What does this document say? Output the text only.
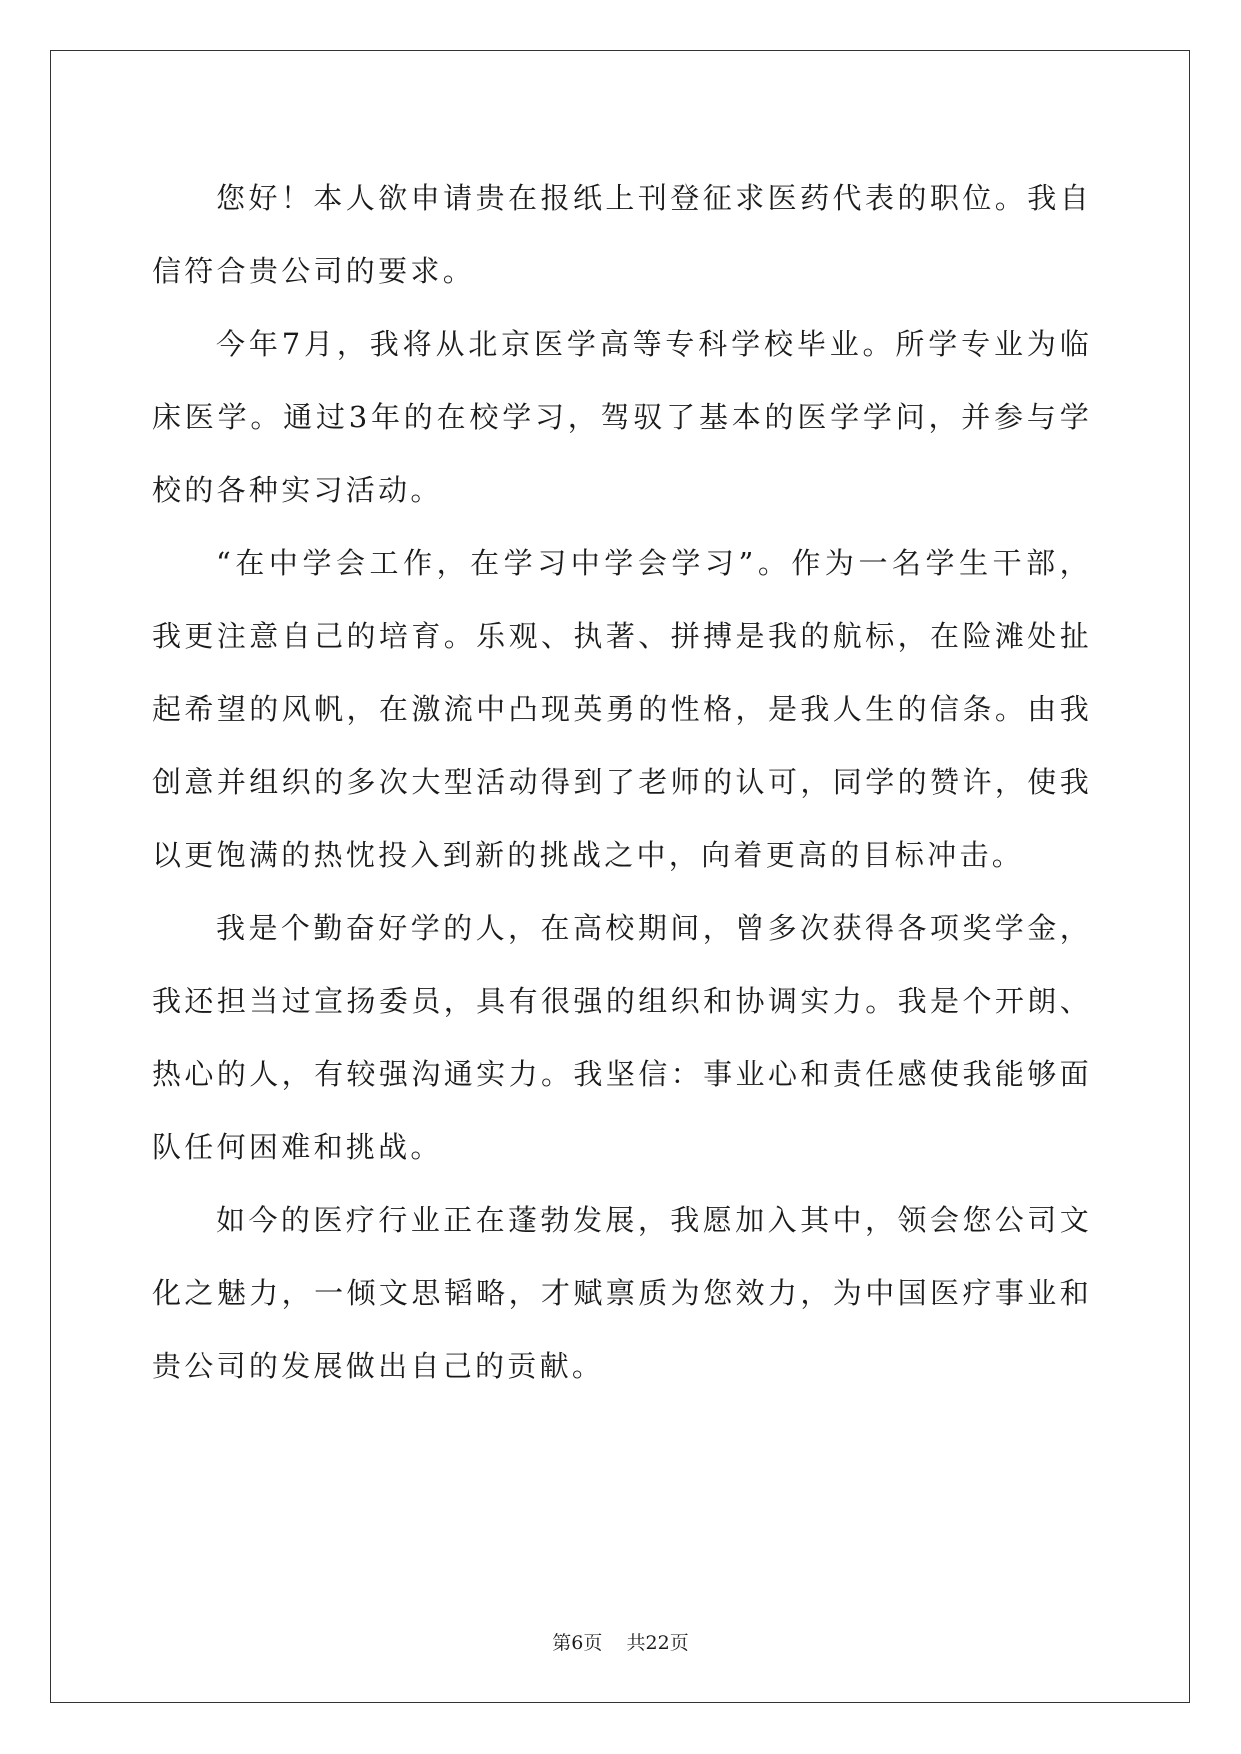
您好！本人欲申请贵在报纸上刊登征求医药代表的职位。我自信符合贵公司的要求。

今年7月，我将从北京医学高等专科学校毕业。所学专业为临床医学。通过3年的在校学习，驾驭了基本的医学学问，并参与学校的各种实习活动。

“在中学会工作，在学习中学会学习”。作为一名学生干部，我更注意自己的培育。乐观、执著、拼搏是我的航标，在险滩处扯起希望的风帆，在激流中凸现英勇的性格，是我人生的信条。由我创意并组织的多次大型活动得到了老师的认可，同学的赞许，使我以更饱满的热忱投入到新的挑战之中，向着更高的目标冲击。

我是个勤奋好学的人，在高校期间，曾多次获得各项奖学金，我还担当过宣扬委员，具有很强的组织和协调实力。我是个开朗、热心的人，有较强沟通实力。我坚信：事业心和责任感使我能够面队任何困难和挑战。

如今的医疗行业正在蓬勃发展，我愿加入其中，领会您公司文化之魅力，一倾文思韬略，才赋禀质为您效力，为中国医疗事业和贵公司的发展做出自己的贡献。

第6页 共22页
